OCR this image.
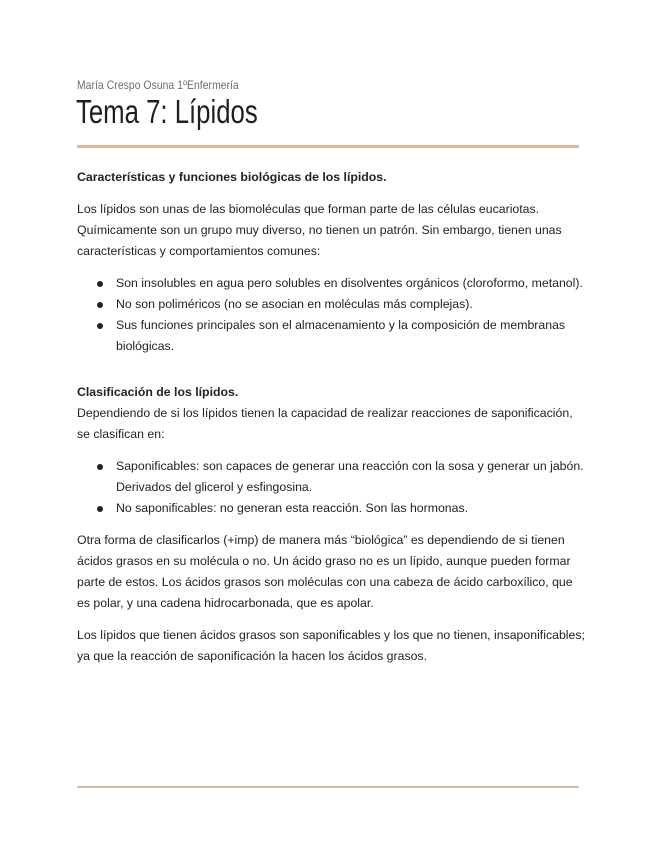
María Crespo Osuna 1ºEnfermería
Tema 7: Lípidos

Características y funciones biológicas de los lípidos.

Los lípidos son unas de las biomoléculas que forman parte de las células eucariotas. Químicamente son un grupo muy diverso, no tienen un patrón. Sin embargo, tienen unas características y comportamientos comunes:

Son insolubles en agua pero solubles en disolventes orgánicos (cloroformo, metanol).
No son poliméricos (no se asocian en moléculas más complejas).
Sus funciones principales son el almacenamiento y la composición de membranas biológicas.

Clasificación de los lípidos.

Dependiendo de si los lípidos tienen la capacidad de realizar reacciones de saponificación, se clasifican en:

Saponificables: son capaces de generar una reacción con la sosa y generar un jabón. Derivados del glicerol y esfingosina.
No saponificables: no generan esta reacción. Son las hormonas.

Otra forma de clasificarlos (+imp) de manera más “biológica” es dependiendo de si tienen ácidos grasos en su molécula o no. Un ácido graso no es un lípido, aunque pueden formar parte de estos. Los ácidos grasos son moléculas con una cabeza de ácido carboxílico, que es polar, y una cadena hidrocarbonada, que es apolar.

Los lípidos que tienen ácidos grasos son saponificables y los que no tienen, insaponificables; ya que la reacción de saponificación la hacen los ácidos grasos.
